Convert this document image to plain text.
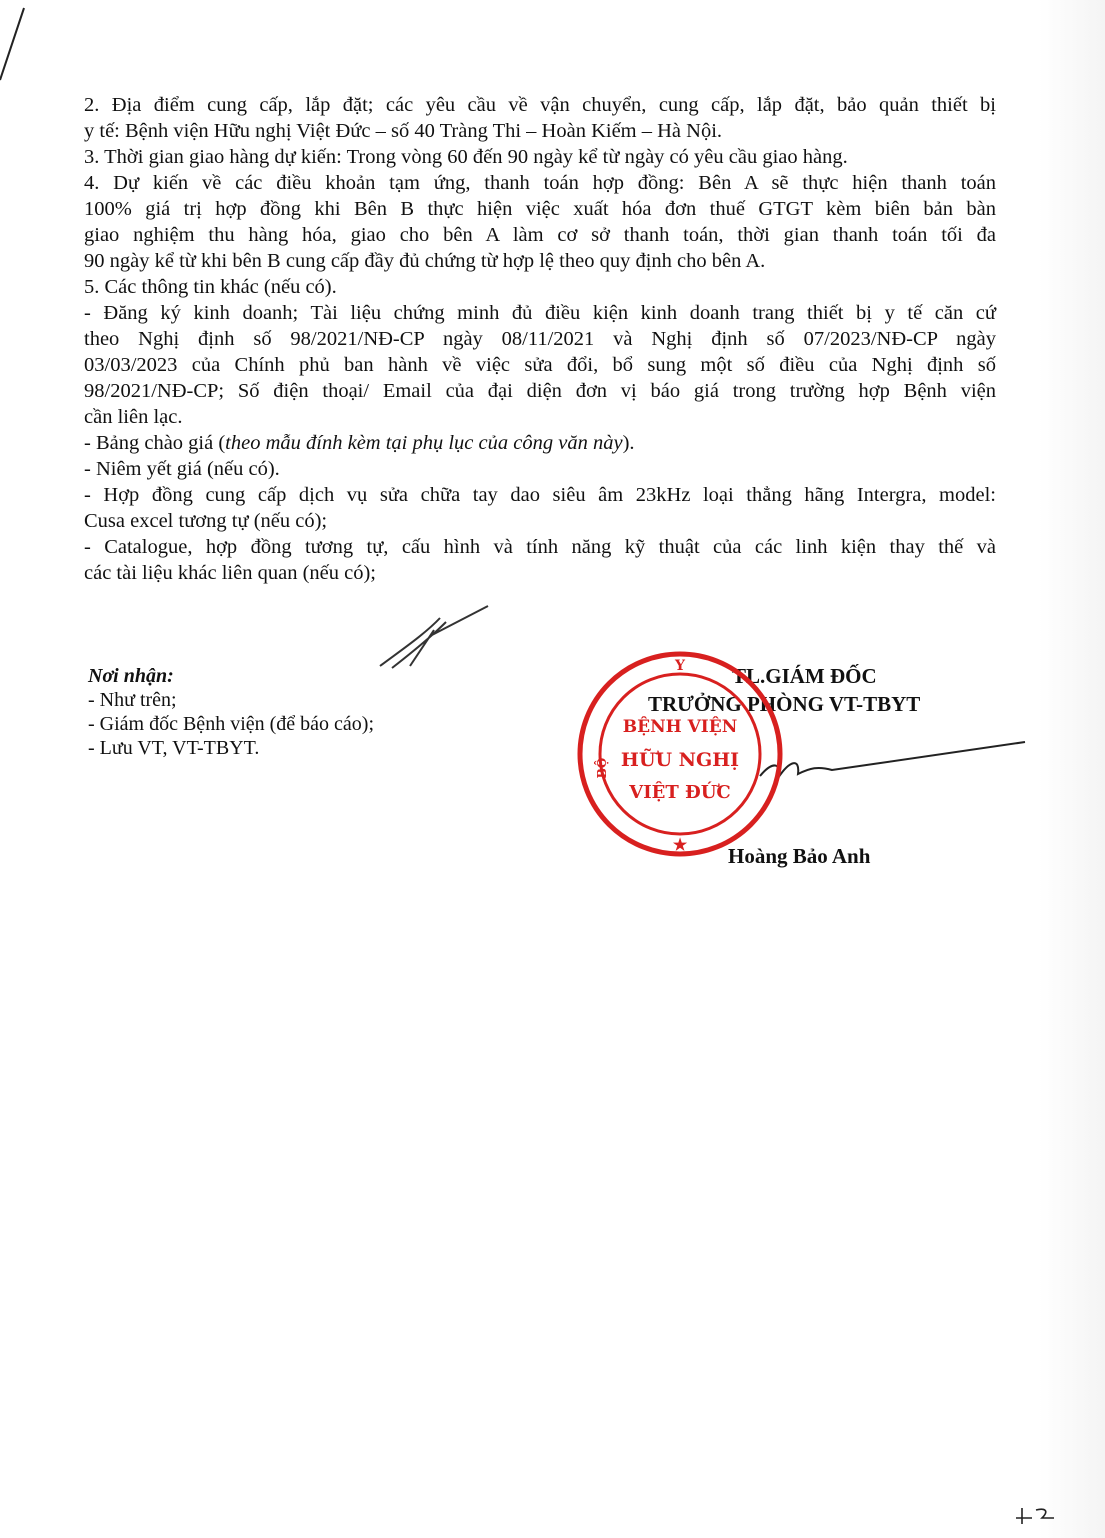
2. Địa điểm cung cấp, lắp đặt; các yêu cầu về vận chuyển, cung cấp, lắp đặt, bảo quản thiết bị

y tế: Bệnh viện Hữu nghị Việt Đức – số 40 Tràng Thi – Hoàn Kiếm – Hà Nội.

3. Thời gian giao hàng dự kiến: Trong vòng 60 đến 90 ngày kể từ ngày có yêu cầu giao hàng.

4. Dự kiến về các điều khoản tạm ứng, thanh toán hợp đồng: Bên A sẽ thực hiện thanh toán

100% giá trị hợp đồng khi Bên B thực hiện việc xuất hóa đơn thuế GTGT kèm biên bản bàn

giao nghiệm thu hàng hóa, giao cho bên A làm cơ sở thanh toán, thời gian thanh toán tối đa

90 ngày kể từ khi bên B cung cấp đầy đủ chứng từ hợp lệ theo quy định cho bên A.

5. Các thông tin khác (nếu có).

- Đăng ký kinh doanh; Tài liệu chứng minh đủ điều kiện kinh doanh trang thiết bị y tế căn cứ

theo Nghị định số 98/2021/NĐ-CP ngày 08/11/2021 và Nghị định số 07/2023/NĐ-CP ngày

03/03/2023 của Chính phủ ban hành về việc sửa đổi, bổ sung một số điều của Nghị định số

98/2021/NĐ-CP; Số điện thoại/ Email của đại diện đơn vị báo giá trong trường hợp Bệnh viện

cần liên lạc.

- Bảng chào giá (theo mẫu đính kèm tại phụ lục của công văn này).

- Niêm yết giá (nếu có).

- Hợp đồng cung cấp dịch vụ sửa chữa tay dao siêu âm 23kHz loại thẳng hãng Intergra, model:

Cusa excel tương tự (nếu có);

- Catalogue, hợp đồng tương tự, cấu hình và tính năng kỹ thuật của các linh kiện thay thế và

các tài liệu khác liên quan (nếu có);

Nơi nhận:

- Như trên;

- Giám đốc Bệnh viện (để báo cáo);

- Lưu VT, VT-TBYT.

TL.GIÁM ĐỐC
TRƯỞNG PHÒNG VT-TBYT
Hoàng Bảo Anh
Y
BỘ
BỆNH VIỆN
HỮU NGHỊ
VIỆT ĐỨC
★
